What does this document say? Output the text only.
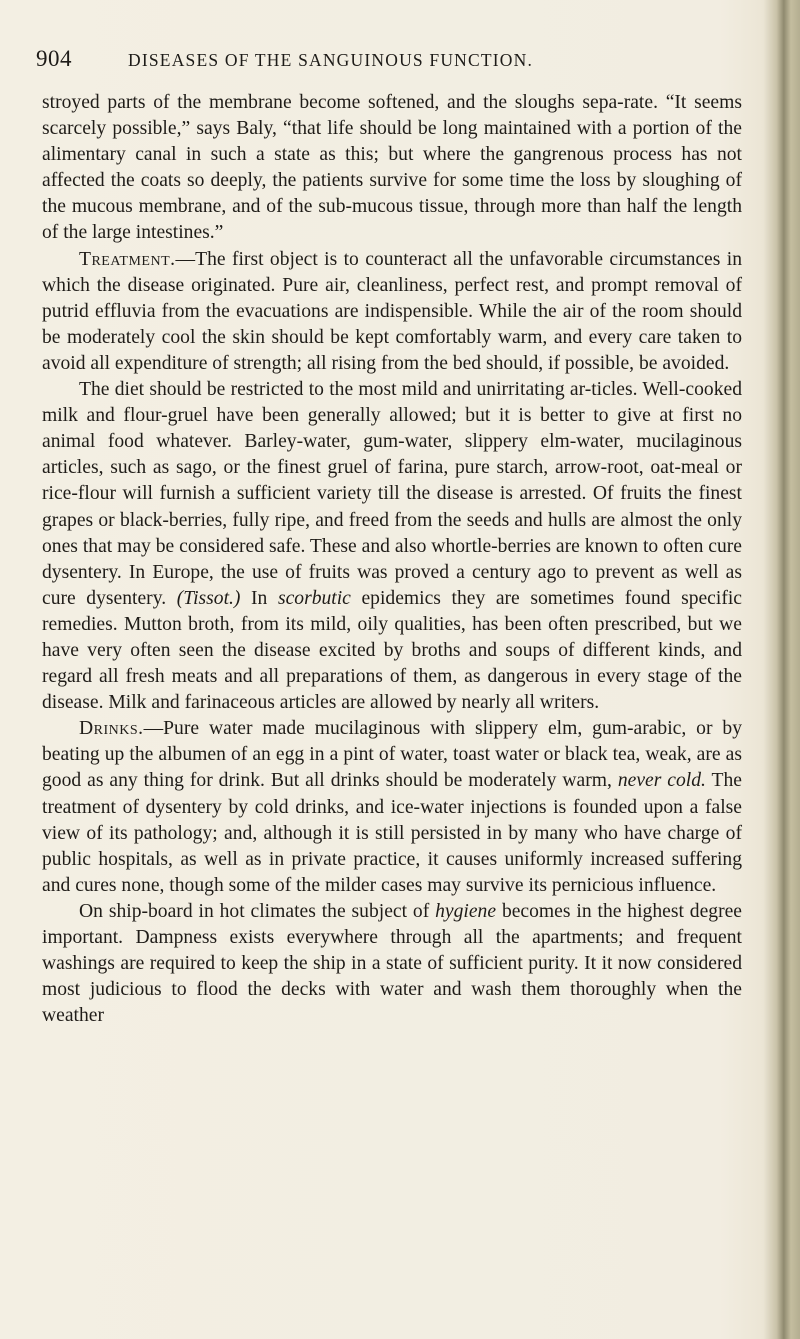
904	DISEASES OF THE SANGUINOUS FUNCTION.

stroyed parts of the membrane become softened, and the sloughs sepa-rate. “It seems scarcely possible,” says Baly, “that life should be long maintained with a portion of the alimentary canal in such a state as this; but where the gangrenous process has not affected the coats so deeply, the patients survive for some time the loss by sloughing of the mucous membrane, and of the sub-mucous tissue, through more than half the length of the large intestines.”

Treatment.—The first object is to counteract all the unfavorable circumstances in which the disease originated. Pure air, cleanliness, perfect rest, and prompt removal of putrid effluvia from the evacuations are indispensible. While the air of the room should be moderately cool the skin should be kept comfortably warm, and every care taken to avoid all expenditure of strength; all rising from the bed should, if possible, be avoided.

The diet should be restricted to the most mild and unirritating ar-ticles. Well-cooked milk and flour-gruel have been generally allowed; but it is better to give at first no animal food whatever. Barley-water, gum-water, slippery elm-water, mucilaginous articles, such as sago, or the finest gruel of farina, pure starch, arrow-root, oat-meal or rice-flour will furnish a sufficient variety till the disease is arrested. Of fruits the finest grapes or black-berries, fully ripe, and freed from the seeds and hulls are almost the only ones that may be considered safe. These and also whortle-berries are known to often cure dysentery. In Europe, the use of fruits was proved a century ago to prevent as well as cure dysentery. (Tissot.) In scorbutic epidemics they are sometimes found specific remedies. Mutton broth, from its mild, oily qualities, has been often prescribed, but we have very often seen the disease excited by broths and soups of different kinds, and regard all fresh meats and all preparations of them, as dangerous in every stage of the disease. Milk and farinaceous articles are allowed by nearly all writers.

Drinks.—Pure water made mucilaginous with slippery elm, gum-arabic, or by beating up the albumen of an egg in a pint of water, toast water or black tea, weak, are as good as any thing for drink. But all drinks should be moderately warm, never cold. The treatment of dysentery by cold drinks, and ice-water injections is founded upon a false view of its pathology; and, although it is still persisted in by many who have charge of public hospitals, as well as in private practice, it causes uniformly increased suffering and cures none, though some of the milder cases may survive its pernicious influence.

On ship-board in hot climates the subject of hygiene becomes in the highest degree important. Dampness exists everywhere through all the apartments; and frequent washings are required to keep the ship in a state of sufficient purity. It it now considered most judicious to flood the decks with water and wash them thoroughly when the weather
